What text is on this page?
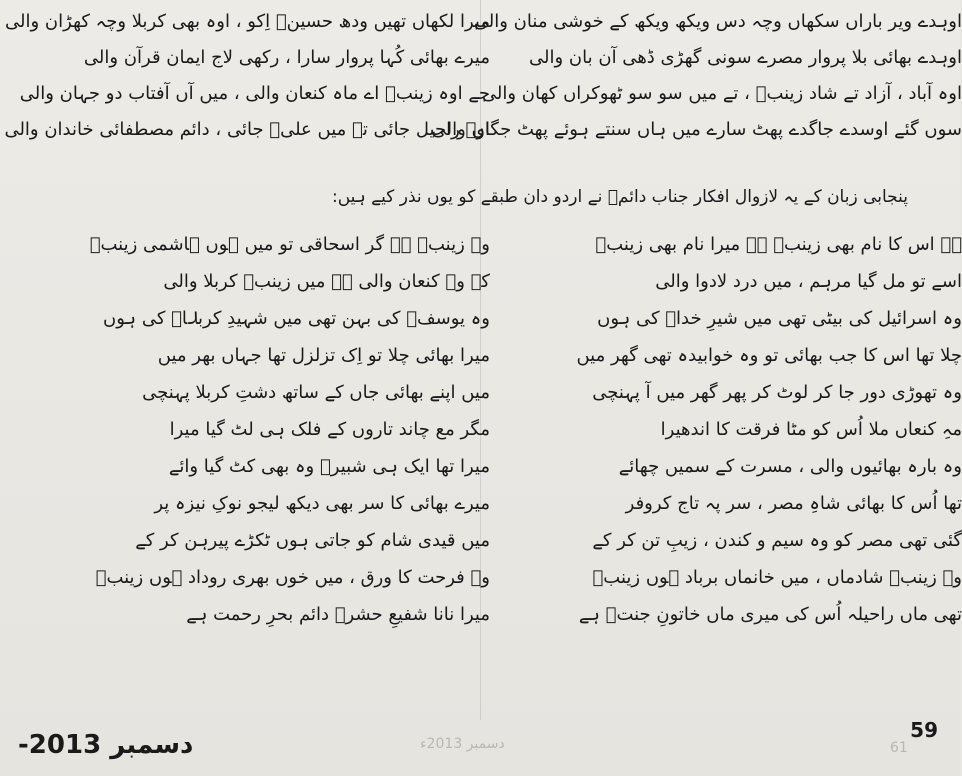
اوہدے ویر باراں سکھاں وچہ دس ویکھ ویکھ کے خوشی منان والی
اوہدے بھائی بلا پروار مصرے سونی گھڑی ڈھی آن بان والی
اوہ آباد ، آزاد تے شاد زینبؑ ، تے میں سو سو ٹھوکراں کھان والی
سوں گئے اوسدے جاگدے پھٹ سارے میں ہاں سنتے ہوئے پھٹ جگاں والی
میرا لکھاں تھیں ودھ حسینؑ اِکو ، اوہ بھی کربلا وچہ کھڑان والی
میرے بھائی کُہا پروار سارا ، رکھی لاج ایمان قرآن والی
جے اوہ زینبؑ اے ماہ کنعان والی ، میں آں آفتاب دو جہان والی
اوہ راحیل جائی تے میں علیؑ جائی ، دائم مصطفائی خاندان والی
پنجابی زبان کے یہ لازوال افکار جناب دائمؔ نے اردو دان طبقے کو یوں نذر کیے ہیں:
ہے اس کا نام بھی زینبؑ ہے میرا نام بھی زینبؑ
اسے تو مل گیا مرہم ، میں درد لادوا والی
وہ اسرائیل کی بیٹی تھی میں شیرِ خداؑ کی ہوں
چلا تھا اس کا جب بھائی تو وہ خوابیدہ تھی گھر میں
وہ تھوڑی دور جا کر لوٹ کر پھر گھر میں آ پہنچی
مہِ کنعاں ملا اُس کو مٹا فرقت کا اندھیرا
وہ بارہ بھائیوں والی ، مسرت کے سمیں چھائے
تھا اُس کا بھائی شاہِ مصر ، سر پہ تاج کروفر
گئی تھی مصر کو وہ سیم و کندن ، زیبِ تن کر کے
وہ زینبؑ شادماں ، میں خانماں برباد ہوں زینبؑ
تھی ماں راحیلہ اُس کی میری ماں خاتونِ جنتؑ ہے
وہ زینبؑ ہے گر اسحاقی تو میں ہوں ہاشمی زینبؑ
کہ وہ کنعان والی ہے میں زینبؑ کربلا والی
وہ یوسفؑ کی بہن تھی میں شہیدِ کربلاؑ کی ہوں
میرا بھائی چلا تو اِک تزلزل تھا جہاں بھر میں
میں اپنے بھائی جاں کے ساتھ دشتِ کربلا پہنچی
مگر مع چاند تاروں کے فلک ہی لٹ گیا میرا
میرا تھا ایک ہی شبیرؑ وہ بھی کٹ گیا وائے
میرے بھائی کا سر بھی دیکھ لیجو نوکِ نیزہ پر
میں قیدی شام کو جاتی ہوں ٹکڑے پیرہن کر کے
وہ فرحت کا ورق ، میں خوں بھری روداد ہوں زینبؑ
میرا نانا شفیعِ حشرؐ دائم بحرِ رحمت ہے
دسمبر 2013ء	61
دسمبر 2013-	59
